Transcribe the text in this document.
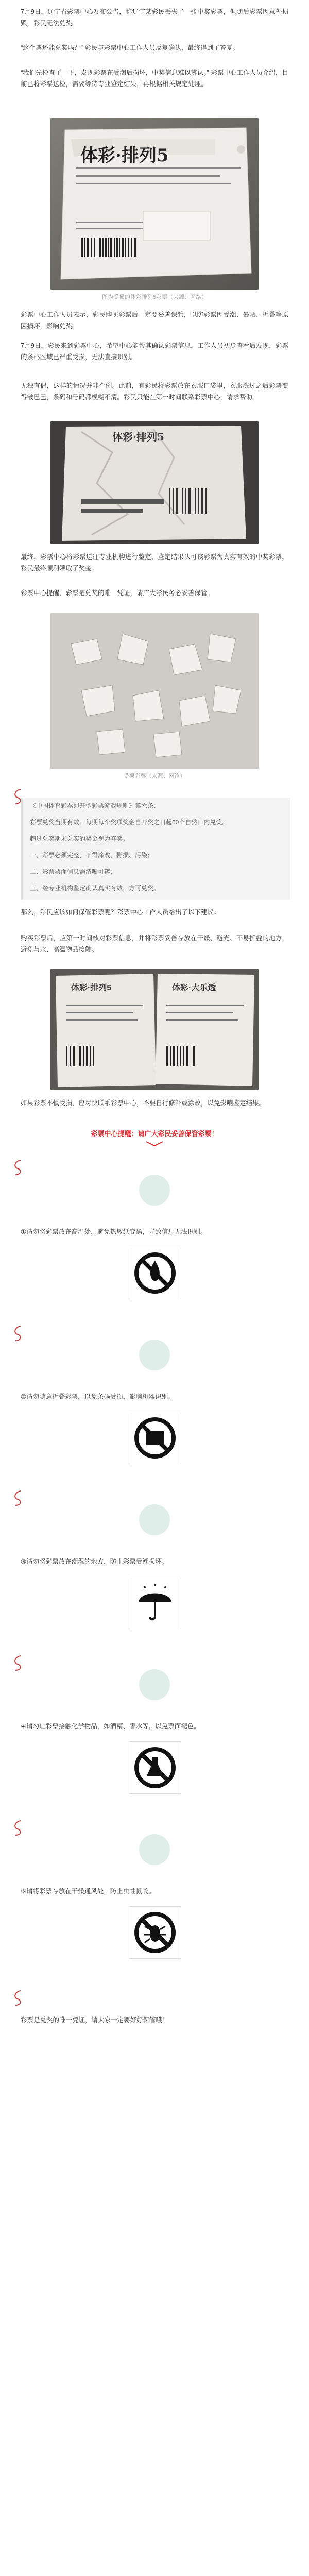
7月9日，辽宁省彩票中心发布公告，称辽宁某彩民丢失了一张中奖彩票，但随后彩票因意外损毁，彩民无法兑奖。

“这个票还能兑奖吗？” 彩民与彩票中心工作人员反复确认，最终得到了答复。

“我们先检查了一下，发现彩票在受潮后损坏，中奖信息难以辨认。” 彩票中心工作人员介绍，目前已将彩票送检，需要等待专业鉴定结果，再根据相关规定处理。

体彩·排列5
图为受损的体彩排列5彩票（来源：网络）

彩票中心工作人员表示，彩民购买彩票后一定要妥善保管，以防彩票因受潮、暴晒、折叠等原因损坏，影响兑奖。

7月9日，彩民来到彩票中心，希望中心能帮其确认彩票信息，工作人员初步查看后发现，彩票的条码区域已严重受损，无法直接识别。

无独有偶，这样的情况并非个例。此前，有彩民将彩票放在衣服口袋里，衣服洗过之后彩票变得皱巴巴，条码和号码都模糊不清。彩民只能在第一时间联系彩票中心，请求帮助。

体彩·排列5

最终，彩票中心将彩票送往专业机构进行鉴定，鉴定结果认可该彩票为真实有效的中奖彩票，彩民最终顺利领取了奖金。

彩票中心提醒，彩票是兑奖的唯一凭证，请广大彩民务必妥善保管。

受损彩票（来源：网络）

《中国体育彩票即开型彩票游戏规则》第六条：

彩票兑奖当期有效。每期每个奖项奖金自开奖之日起60个自然日内兑奖。

超过兑奖期未兑奖的奖金视为弃奖。

一、彩票必须完整，不得涂改、撕损、污染；

二、彩票票面信息需清晰可辨；

三、经专业机构鉴定确认真实有效，方可兑奖。

那么，彩民应该如何保管彩票呢？彩票中心工作人员给出了以下建议：

购买彩票后，应第一时间核对彩票信息，并将彩票妥善存放在干燥、避光、不易折叠的地方，避免与水、高温物品接触。

体彩·排列5	体彩·大乐透

如果彩票不慎受损，应尽快联系彩票中心，不要自行修补或涂改，以免影响鉴定结果。

彩票中心提醒：请广大彩民妥善保管彩票！

①请勿将彩票放在高温处，避免热敏纸变黑，导致信息无法识别。

②请勿随意折叠彩票，以免条码受损，影响机器识别。

③请勿将彩票放在潮湿的地方，防止彩票受潮损坏。

④请勿让彩票接触化学物品，如酒精、香水等，以免票面褪色。

⑤请将彩票存放在干燥通风处，防止虫蛀鼠咬。

彩票是兑奖的唯一凭证，请大家一定要好好保管哦！
